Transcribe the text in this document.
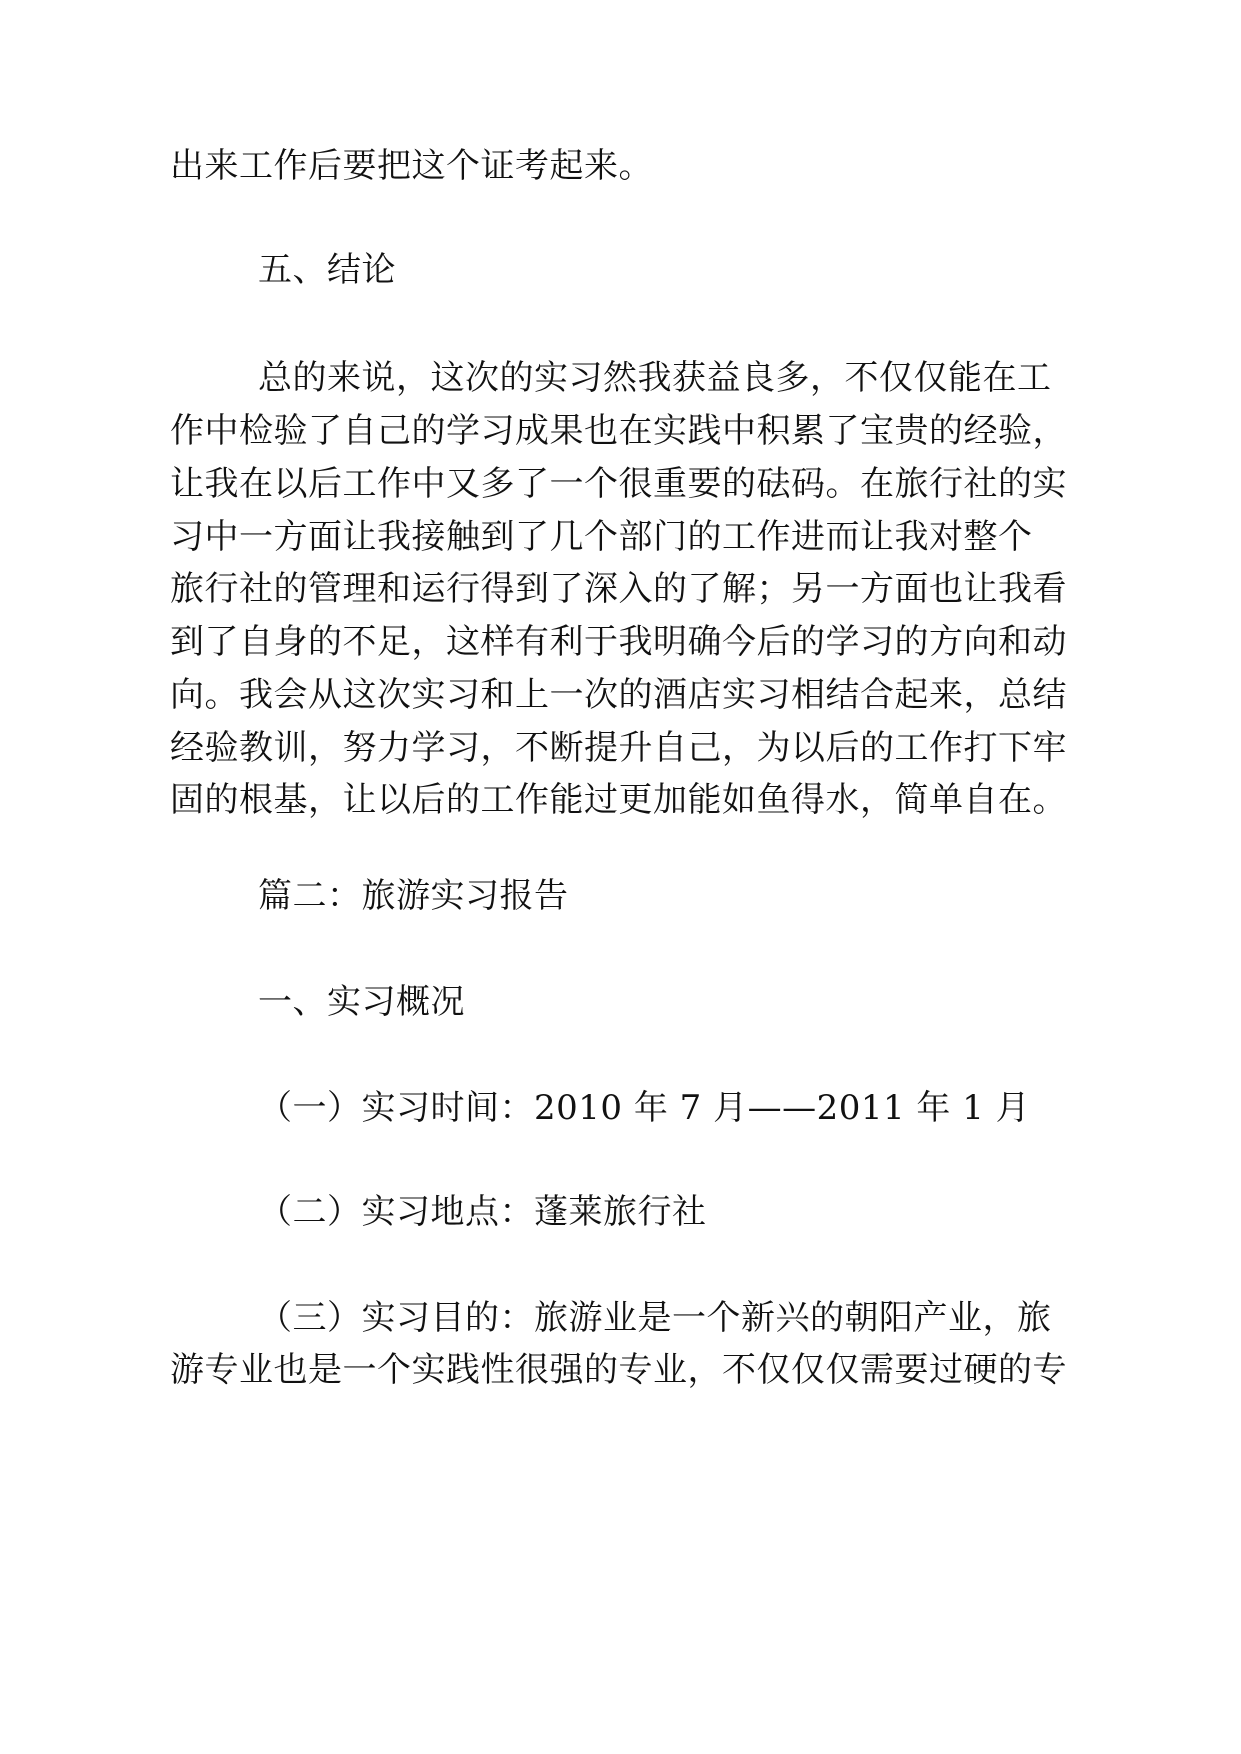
出来工作后要把这个证考起来。
五、结论
总的来说，这次的实习然我获益良多，不仅仅能在工
作中检验了自己的学习成果也在实践中积累了宝贵的经验，
让我在以后工作中又多了一个很重要的砝码。在旅行社的实
习中一方面让我接触到了几个部门的工作进而让我对整个
旅行社的管理和运行得到了深入的了解；另一方面也让我看
到了自身的不足，这样有利于我明确今后的学习的方向和动
向。我会从这次实习和上一次的酒店实习相结合起来，总结
经验教训，努力学习，不断提升自己，为以后的工作打下牢
固的根基，让以后的工作能过更加能如鱼得水，简单自在。
篇二：旅游实习报告
一、实习概况
（一）实习时间：2010 年 7 月——2011 年 1 月
（二）实习地点：蓬莱旅行社
（三）实习目的：旅游业是一个新兴的朝阳产业，旅
游专业也是一个实践性很强的专业，不仅仅仅需要过硬的专
